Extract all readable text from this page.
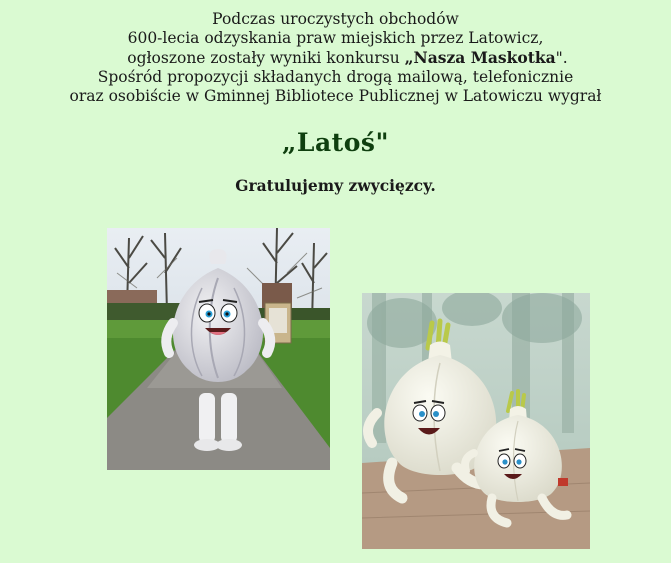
Podczas uroczystych obchodów
600-lecia odzyskania praw miejskich przez Latowicz,
ogłoszone zostały wyniki konkursu „Nasza Maskotka".
Spośród propozycji składanych drogą mailową, telefonicznie
oraz osobiście w Gminnej Bibliotece Publicznej w Latowiczu wygrał
„Latoś"
Gratulujemy zwycięzcy.
